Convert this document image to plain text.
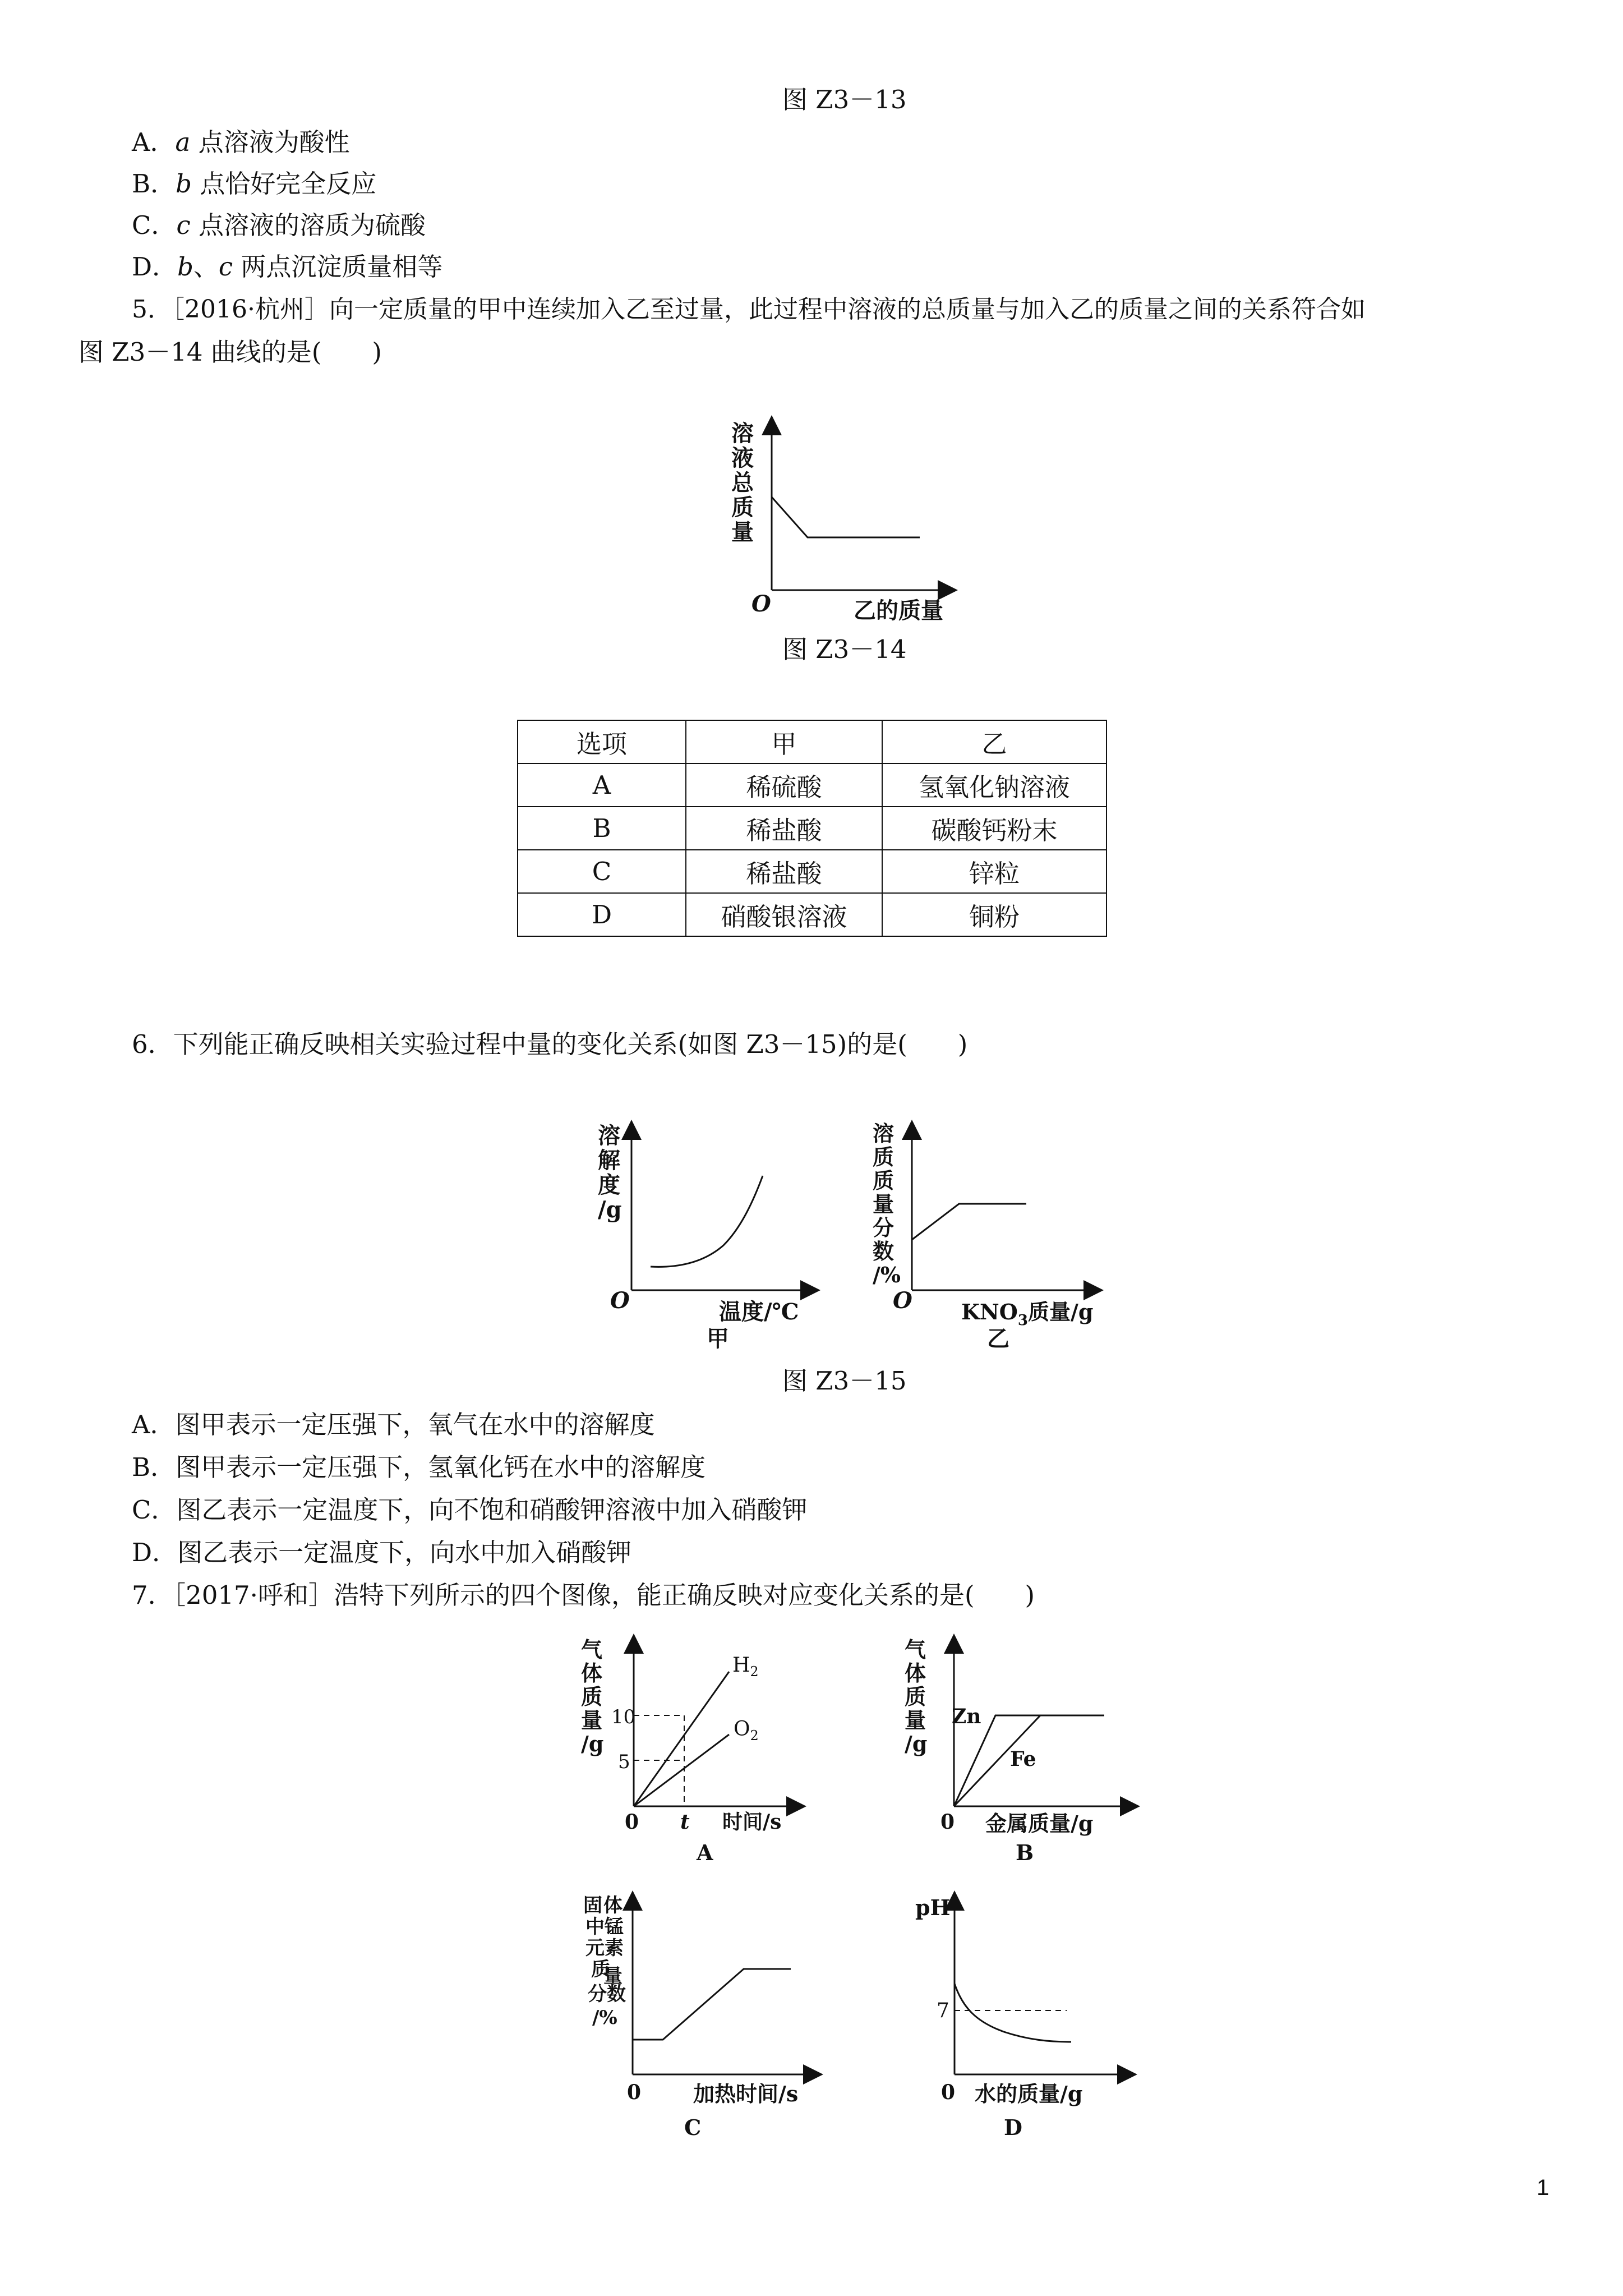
图 Z3－13
A．a 点溶液为酸性
B．b 点恰好完全反应
C．c 点溶液的溶质为硫酸
D．b、c 两点沉淀质量相等
5．［2016·杭州］向一定质量的甲中连续加入乙至过量，此过程中溶液的总质量与加入乙的质量之间的关系符合如
图 Z3－14 曲线的是(　　)
溶
液
总
质
量
O	乙的质量
图 Z3－14
选项	甲	乙
A	稀硫酸	氢氧化钠溶液
B	稀盐酸	碳酸钙粉末
C	稀盐酸	锌粒
D	硝酸银溶液	铜粉
6．下列能正确反映相关实验过程中量的变化关系(如图 Z3－15)的是(　　)
溶
解
度
/g
O	温度/℃
甲
溶
质
质
量
分
数
/%
O $KNO_3$质量/g
乙
图 Z3－15
A．图甲表示一定压强下，氧气在水中的溶解度
B．图甲表示一定压强下，氢氧化钙在水中的溶解度
C．图乙表示一定温度下，向不饱和硝酸钾溶液中加入硝酸钾
D．图乙表示一定温度下，向水中加入硝酸钾
7．［2017·呼和］浩特下列所示的四个图像，能正确反映对应变化关系的是(　　)
气
体
质
量
/g
10
5
0 t 时间/s
$H_2$
$O_2$
A
气
体
质
量
/g
Zn
Fe
0 金属质量/g
B
固 体
中 锰
元 素
质
量
分 数
/%
0 加热时间/s
C
pH
7
0 水的质量/g
D
1
